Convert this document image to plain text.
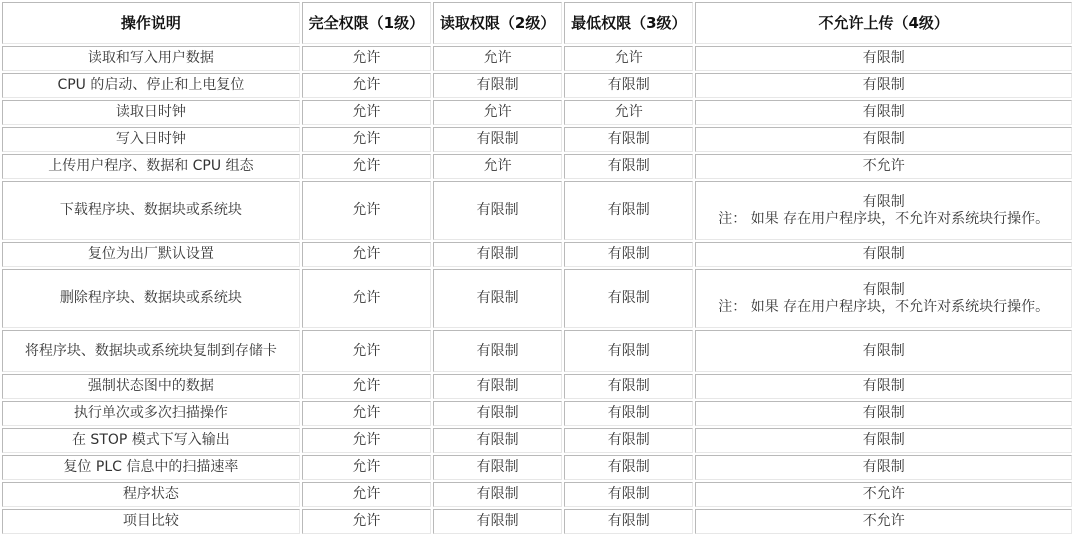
操作说明	完全权限（1级）	读取权限（2级）	最低权限（3级）	不允许上传（4级）
读取和写入用户数据	允许	允许	允许	有限制
CPU 的启动、停止和上电复位	允许	有限制	有限制	有限制
读取日时钟	允许	允许	允许	有限制
写入日时钟	允许	有限制	有限制	有限制
上传用户程序、数据和 CPU 组态	允许	允许	有限制	不允许
下载程序块、数据块或系统块	允许	有限制	有限制	有限制
注： 如果 存在用户程序块，不允许对系统块行操作。

复位为出厂默认设置	允许	有限制	有限制	有限制
删除程序块、数据块或系统块	允许	有限制	有限制	有限制
注： 如果 存在用户程序块，不允许对系统块行操作。

将程序块、数据块或系统块复制到存储卡	允许	有限制	有限制	有限制
强制状态图中的数据	允许	有限制	有限制	有限制
执行单次或多次扫描操作	允许	有限制	有限制	有限制
在 STOP 模式下写入输出	允许	有限制	有限制	有限制
复位 PLC 信息中的扫描速率	允许	有限制	有限制	有限制
程序状态	允许	有限制	有限制	不允许
项目比较	允许	有限制	有限制	不允许
